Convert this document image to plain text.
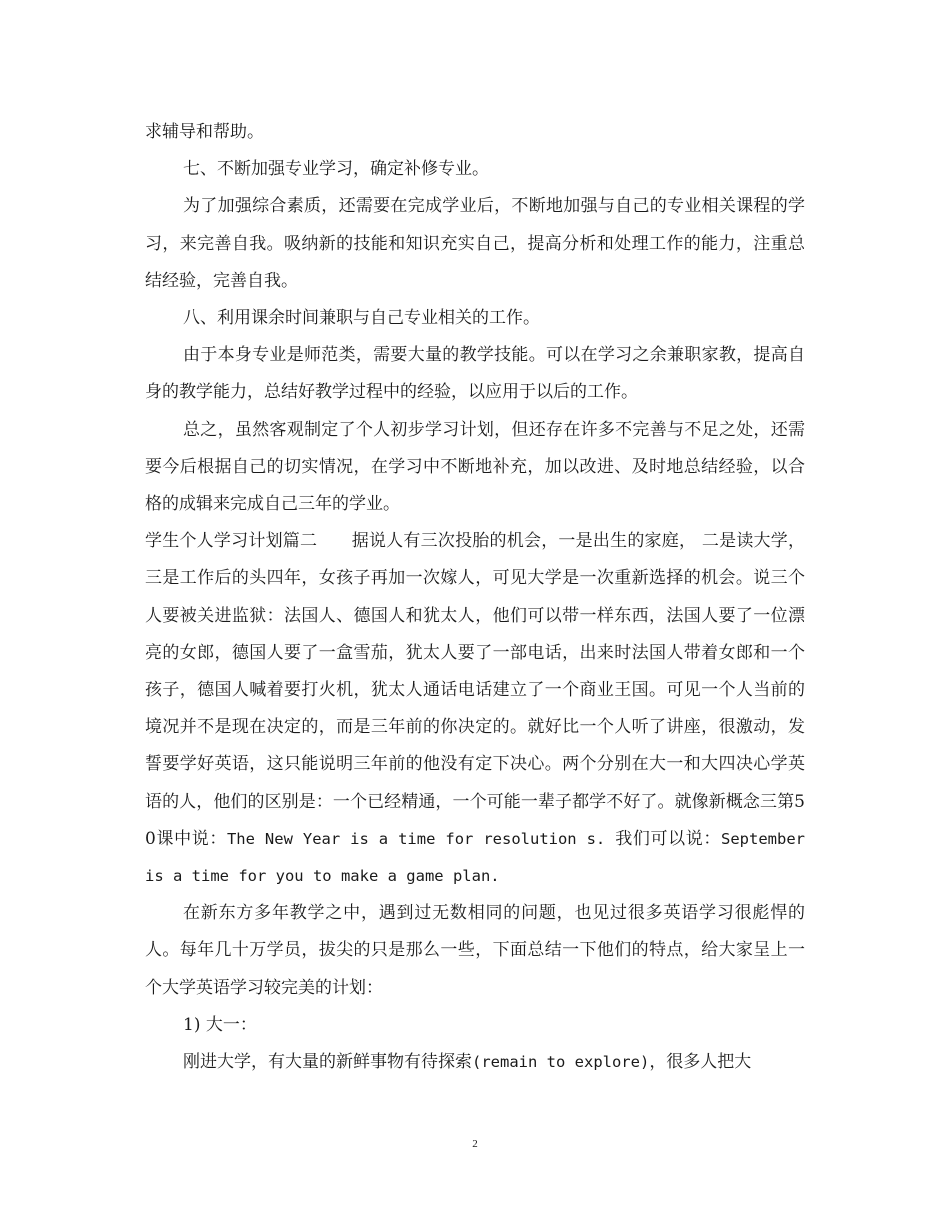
求辅导和帮助。

七、不断加强专业学习，确定补修专业。

为了加强综合素质，还需要在完成学业后，不断地加强与自己的专业相关课程的学习，来完善自我。吸纳新的技能和知识充实自己，提高分析和处理工作的能力，注重总结经验，完善自我。

八、利用课余时间兼职与自己专业相关的工作。

由于本身专业是师范类，需要大量的教学技能。可以在学习之余兼职家教，提高自身的教学能力，总结好教学过程中的经验，以应用于以后的工作。

总之，虽然客观制定了个人初步学习计划，但还存在许多不完善与不足之处，还需要今后根据自己的切实情况，在学习中不断地补充，加以改进、及时地总结经验，以合格的成辑来完成自己三年的学业。

学生个人学习计划篇二　　据说人有三次投胎的机会，一是出生的家庭， 二是读大学，三是工作后的头四年，女孩子再加一次嫁人，可见大学是一次重新选择的机会。说三个人要被关进监狱：法国人、德国人和犹太人，他们可以带一样东西，法国人要了一位漂亮的女郎，德国人要了一盒雪茄，犹太人要了一部电话，出来时法国人带着女郎和一个孩子，德国人喊着要打火机，犹太人通话电话建立了一个商业王国。可见一个人当前的境况并不是现在决定的，而是三年前的你决定的。就好比一个人听了讲座，很激动，发誓要学好英语，这只能说明三年前的他没有定下决心。两个分别在大一和大四决心学英语的人，他们的区别是：一个已经精通，一个可能一辈子都学不好了。就像新概念三第50课中说：The New Year is a time for resolution s. 我们可以说：September is a time for you to make a game plan.

在新东方多年教学之中，遇到过无数相同的问题，也见过很多英语学习很彪悍的人。每年几十万学员，拔尖的只是那么一些，下面总结一下他们的特点，给大家呈上一个大学英语学习较完美的计划：

1) 大一：

刚进大学，有大量的新鲜事物有待探索(remain to explore)，很多人把大

2
